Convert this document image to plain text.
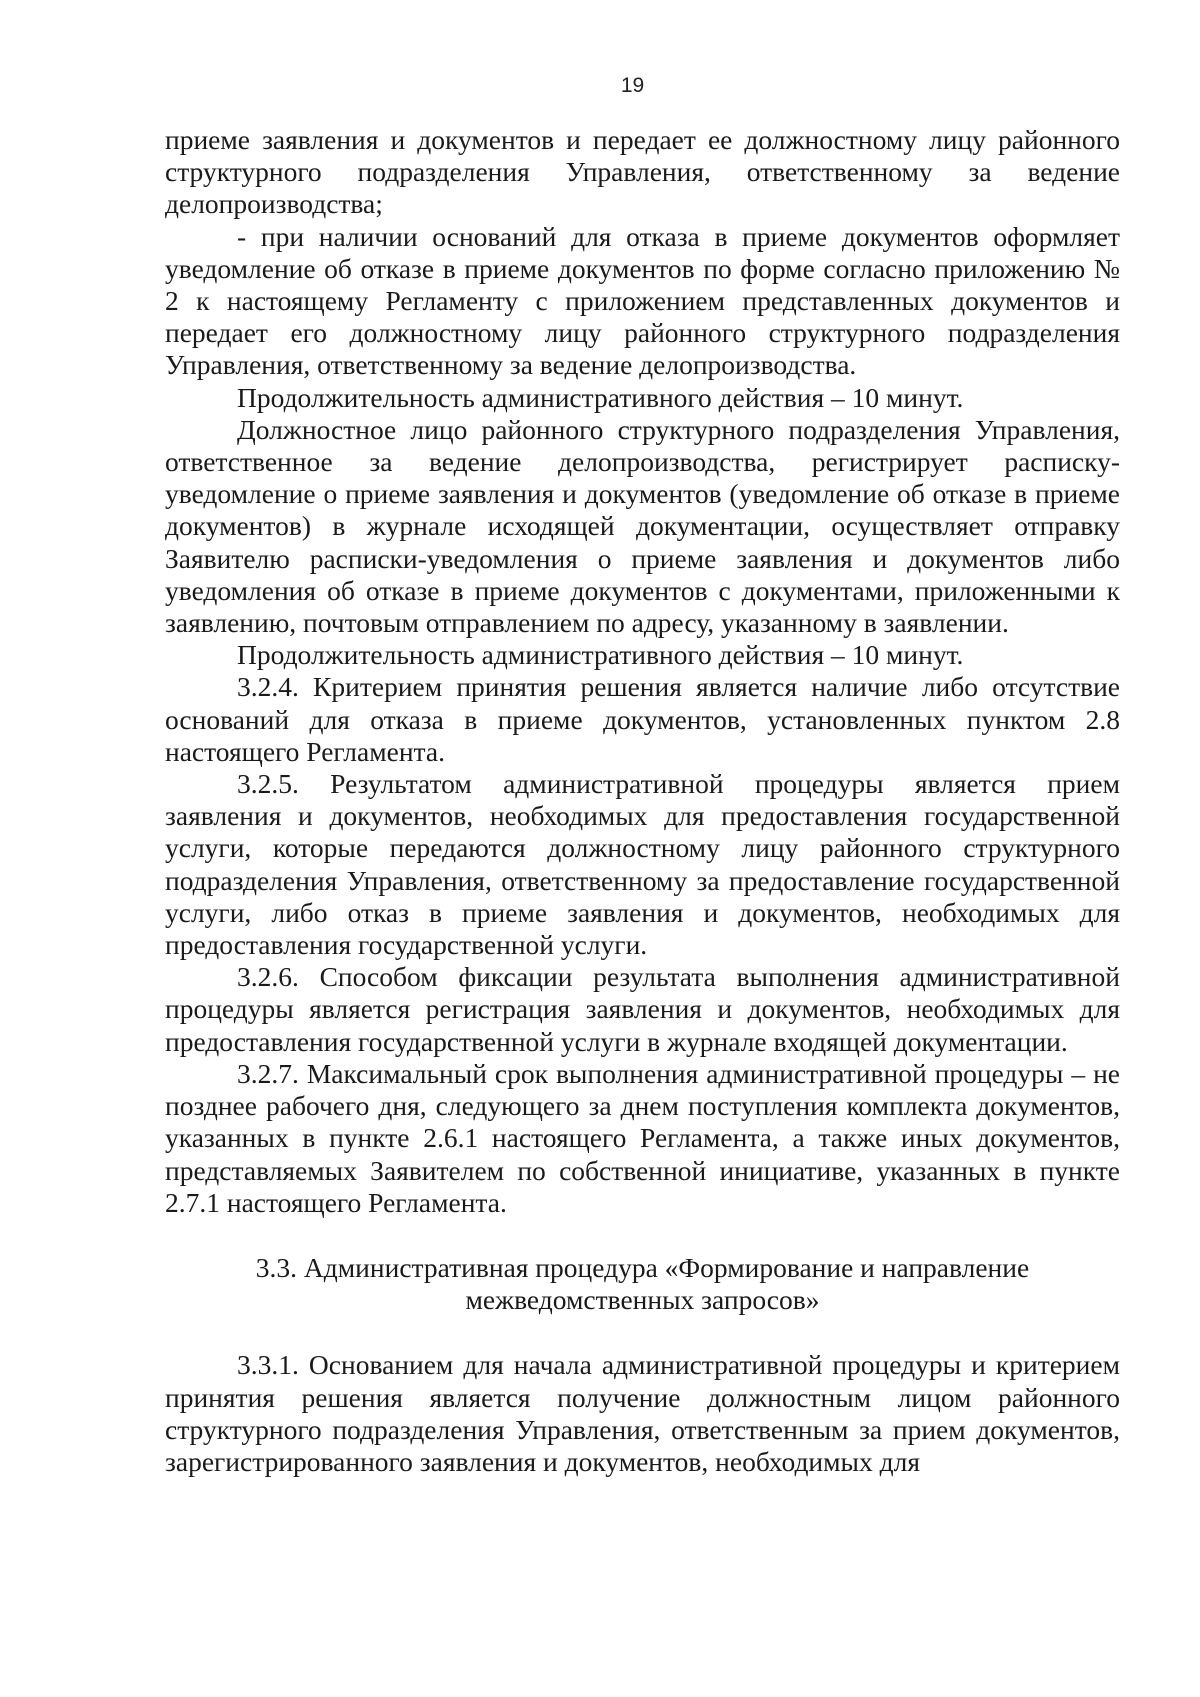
19

приеме заявления и документов и передает ее должностному лицу районного структурного подразделения Управления, ответственному за ведение делопроизводства;

- при наличии оснований для отказа в приеме документов оформляет уведомление об отказе в приеме документов по форме согласно приложению № 2 к настоящему Регламенту с приложением представленных документов и передает его должностному лицу районного структурного подразделения Управления, ответственному за ведение делопроизводства.

Продолжительность административного действия – 10 минут.

Должностное лицо районного структурного подразделения Управления, ответственное за ведение делопроизводства, регистрирует расписку-уведомление о приеме заявления и документов (уведомление об отказе в приеме документов) в журнале исходящей документации, осуществляет отправку Заявителю расписки-уведомления о приеме заявления и документов либо уведомления об отказе в приеме документов с документами, приложенными к заявлению, почтовым отправлением по адресу, указанному в заявлении.

Продолжительность административного действия – 10 минут.

3.2.4. Критерием принятия решения является наличие либо отсутствие оснований для отказа в приеме документов, установленных пунктом 2.8 настоящего Регламента.

3.2.5. Результатом административной процедуры является прием заявления и документов, необходимых для предоставления государственной услуги, которые передаются должностному лицу районного структурного подразделения Управления, ответственному за предоставление государственной услуги, либо отказ в приеме заявления и документов, необходимых для предоставления государственной услуги.

3.2.6. Способом фиксации результата выполнения административной процедуры является регистрация заявления и документов, необходимых для предоставления государственной услуги в журнале входящей документации.

3.2.7. Максимальный срок выполнения административной процедуры – не позднее рабочего дня, следующего за днем поступления комплекта документов, указанных в пункте 2.6.1 настоящего Регламента, а также иных документов, представляемых Заявителем по собственной инициативе, указанных в пункте 2.7.1 настоящего Регламента.

3.3. Административная процедура «Формирование и направление
межведомственных запросов»

3.3.1. Основанием для начала административной процедуры и критерием принятия решения является получение должностным лицом районного структурного подразделения Управления, ответственным за прием документов, зарегистрированного заявления и документов, необходимых для
